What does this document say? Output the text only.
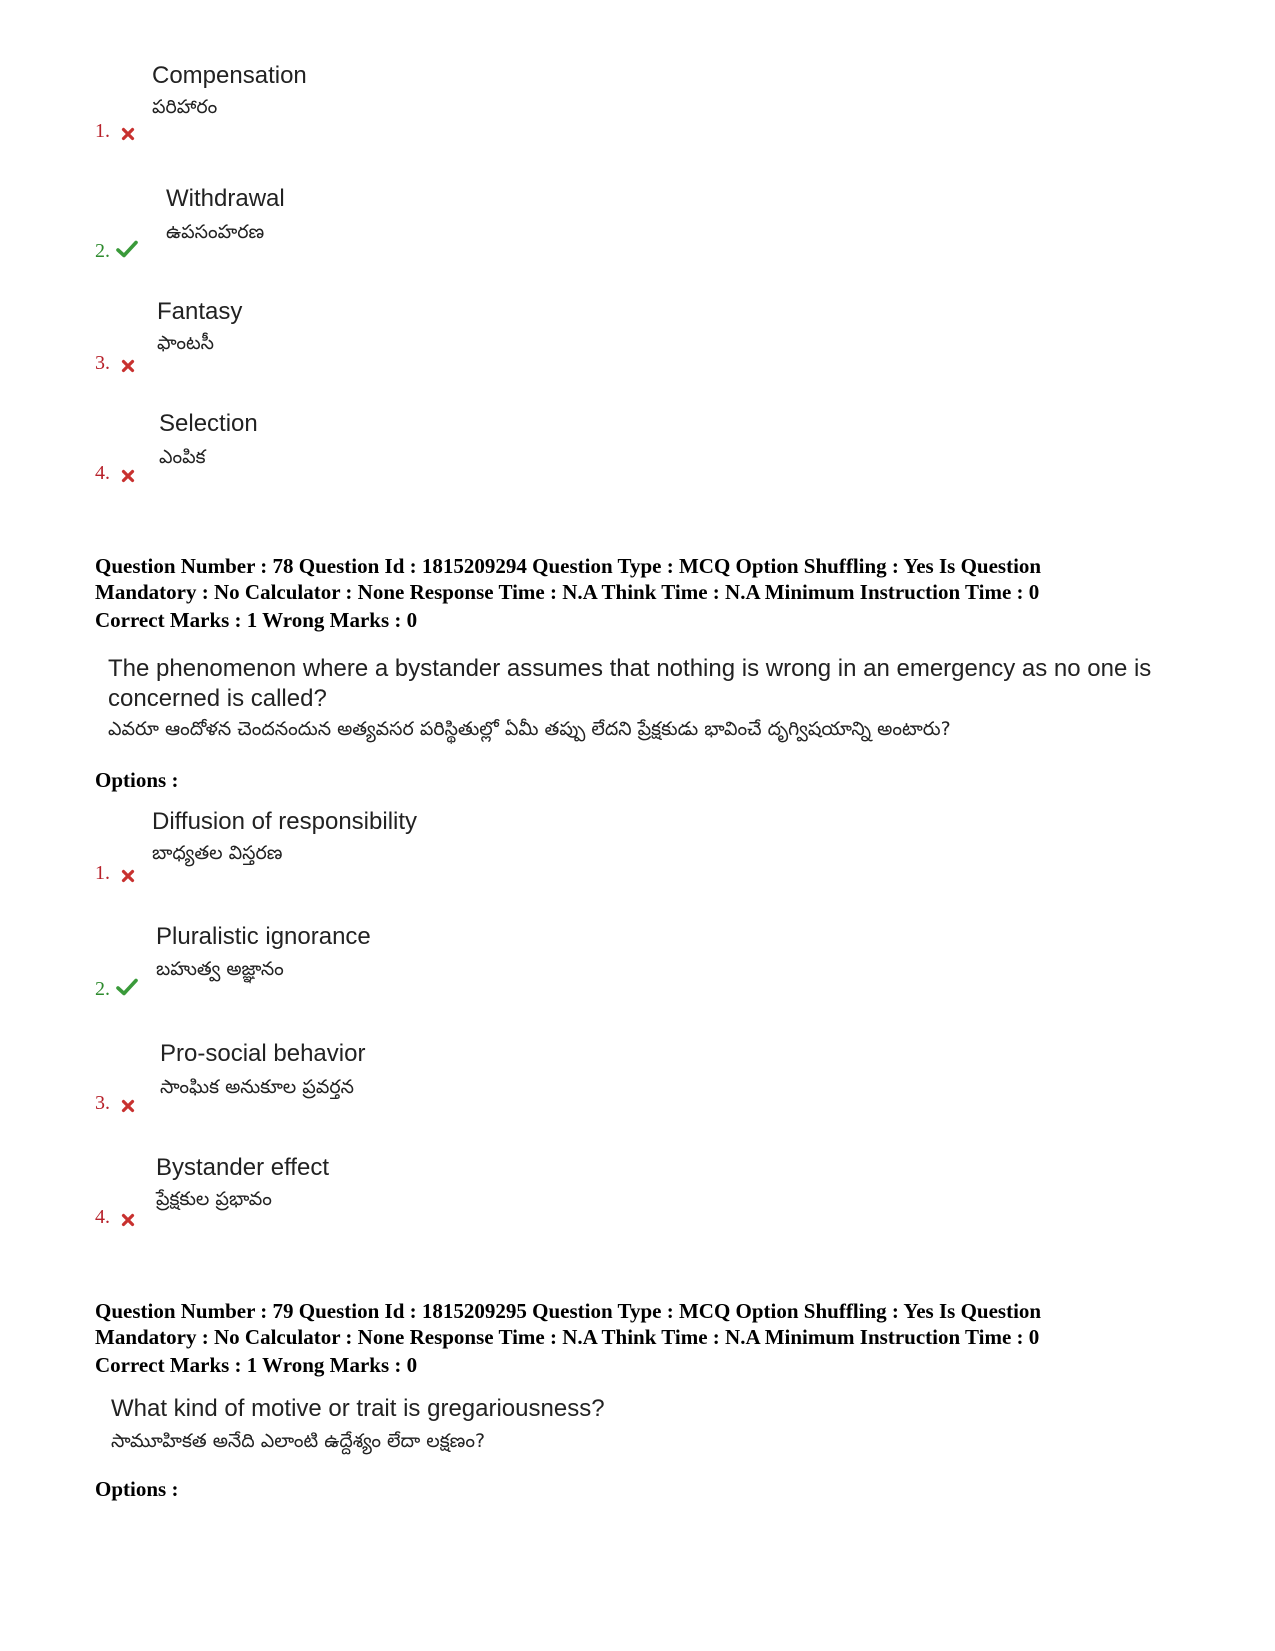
Compensation
పరిహారం
1.
Withdrawal
ఉపసంహరణ
2.
Fantasy
ఫాంటసీ
3.
Selection
ఎంపిక
4.
Question Number : 78 Question Id : 1815209294 Question Type : MCQ Option Shuffling : Yes Is Question
Mandatory : No Calculator : None Response Time : N.A Think Time : N.A Minimum Instruction Time : 0
Correct Marks : 1 Wrong Marks : 0
The phenomenon where a bystander assumes that nothing is wrong in an emergency as no one is concerned is called?
ఎవరూ ఆందోళన చెందనందున అత్యవసర పరిస్థితుల్లో ఏమీ తప్పు లేదని ప్రేక్షకుడు భావించే దృగ్విషయాన్ని అంటారు?
Options :
Diffusion of responsibility
బాధ్యతల విస్తరణ
1.
Pluralistic ignorance
బహుత్వ అజ్ఞానం
2.
Pro-social behavior
సాంఘిక అనుకూల ప్రవర్తన
3.
Bystander effect
ప్రేక్షకుల ప్రభావం
4.
Question Number : 79 Question Id : 1815209295 Question Type : MCQ Option Shuffling : Yes Is Question
Mandatory : No Calculator : None Response Time : N.A Think Time : N.A Minimum Instruction Time : 0
Correct Marks : 1 Wrong Marks : 0
What kind of motive or trait is gregariousness?
సామూహికత అనేది ఎలాంటి ఉద్దేశ్యం లేదా లక్షణం?
Options :
